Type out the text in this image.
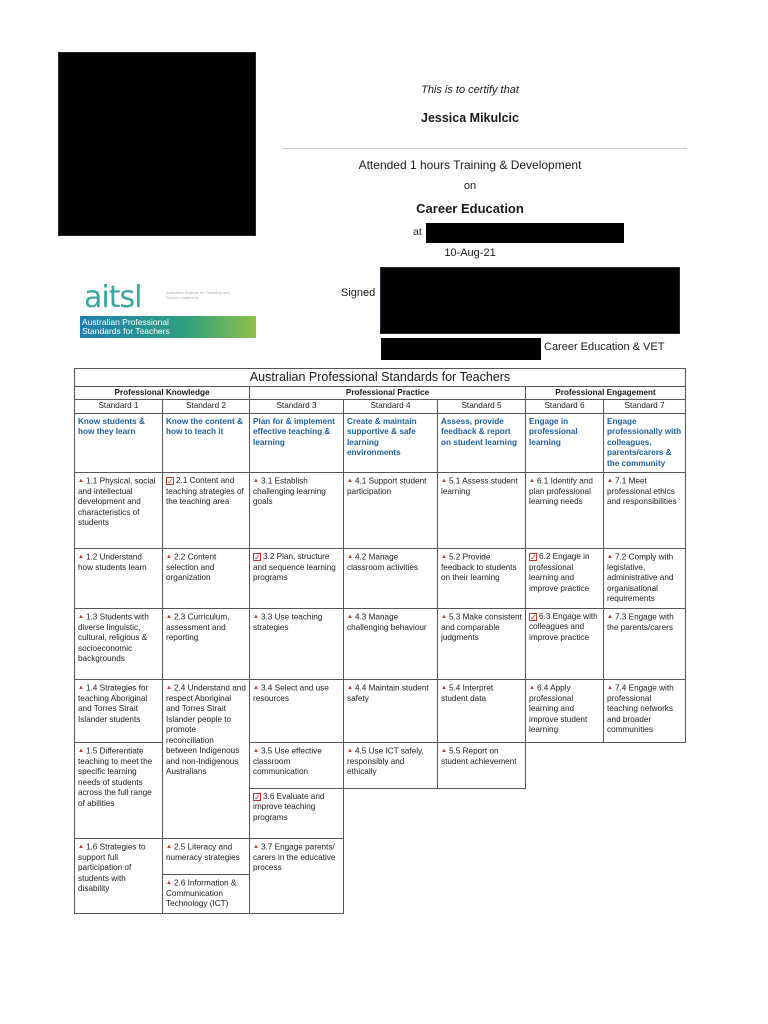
This is to certify that
Jessica Mikulcic
Attended 1 hours Training & Development
on
Career Education
at
10-Aug-21
Signed
Career Education & VET
aitsl	Australian Institute for Teaching and School Leadership
Australian Professional
Standards for Teachers
Australian Professional Standards for Teachers						
Professional Knowledge		Professional Practice			Professional Engagement	
Standard 1	Standard 2	Standard 3	Standard 4	Standard 5	Standard 6	Standard 7
Know students & how they learn	Know the content & how to teach it	Plan for & implement effective teaching & learning	Create & maintain supportive & safe learning environments	Assess, provide feedback & report on student learning	Engage in professional learning	Engage professionally with colleagues, parents/carers & the community
▲ 1.1 Physical, social and intellectual development and characteristics of students	✓ 2.1 Content and teaching strategies of the teaching area	▲ 3.1 Establish challenging learning goals	▲ 4.1 Support student participation	▲ 5.1 Assess student learning	▲ 6.1 Identify and plan professional learning needs	▲ 7.1 Meet professional ethics and responsibilities
▲ 1.2 Understand how students learn	▲ 2.2 Content selection and organization	✓ 3.2 Plan, structure and sequence learning programs	▲ 4.2 Manage classroom activities	▲ 5.2 Provide feedback to students on their learning	✓ 6.2 Engage in professional learning and improve practice	▲ 7.2 Comply with legislative, administrative and organisational requirements
▲ 1.3 Students with diverse linguistic, cultural, religious & socioeconomic backgrounds	▲ 2.3 Curriculum, assessment and reporting	▲ 3.3 Use teaching strategies	▲ 4.3 Manage challenging behaviour	▲ 5.3 Make consistent and comparable judgments	✓ 6.3 Engage with colleagues and improve practice	▲ 7.3 Engage with the parents/carers
▲ 1.4 Strategies for teaching Aboriginal and Torres Strait Islander students	▲ 2.4 Understand and respect Aboriginal and Torres Strait Islander people to promote reconciliation between Indigenous and non-Indigenous Australians	▲ 3.4 Select and use resources	▲ 4.4 Maintain student safety	▲ 5.4 Interpret student data	▲ 6.4 Apply professional learning and improve student learning	▲ 7.4 Engage with professional teaching networks and broader communities
▲ 1.5 Differentiate teaching to meet the specific learning needs of students across the full range of abilities		▲ 3.5 Use effective classroom communication	▲ 4.5 Use ICT safely, responsibly and ethically	▲ 5.5 Report on student achievement		
		✓ 3.6 Evaluate and improve teaching programs				
▲ 1.6 Strategies to support full participation of students with disability	▲ 2.5 Literacy and numeracy strategies	▲ 3.7 Engage parents/ carers in the educative process				
	▲ 2.6 Information & Communication Technology (ICT)					
